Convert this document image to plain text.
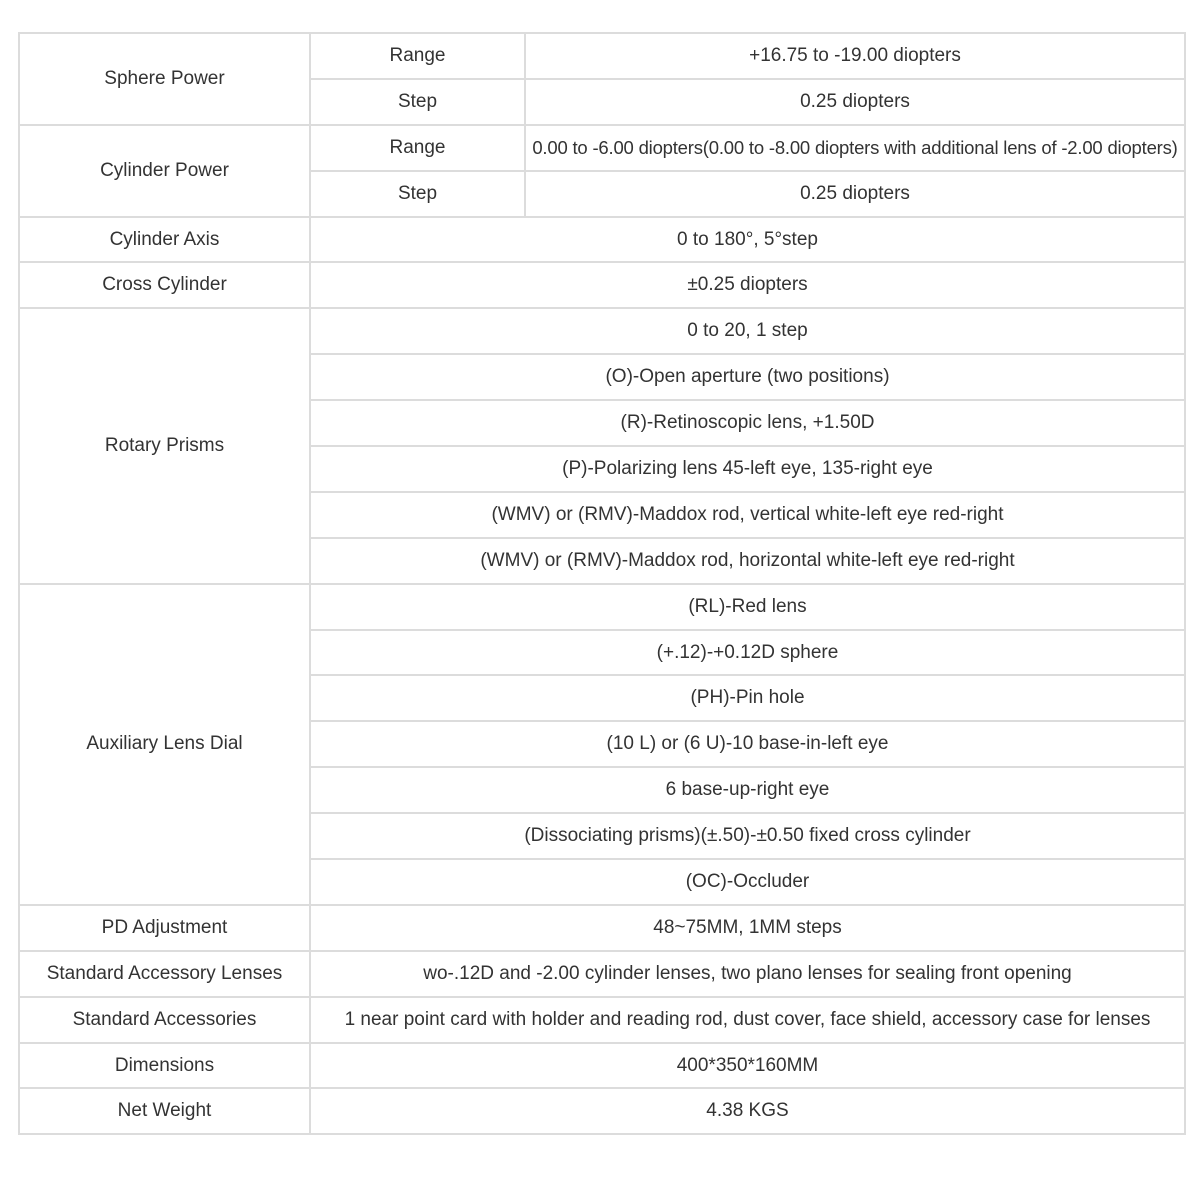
Sphere Power	Range	+16.75 to -19.00 diopters
	Step	0.25 diopters
Cylinder Power	Range	0.00 to -6.00 diopters(0.00 to -8.00 diopters with additional lens of -2.00 diopters)
	Step	0.25 diopters
Cylinder Axis	0 to 180°, 5°step	
Cross Cylinder	±0.25 diopters	
Rotary Prisms	0 to 20, 1 step	
	(O)-Open aperture (two positions)	
	(R)-Retinoscopic lens, +1.50D	
	(P)-Polarizing lens 45-left eye, 135-right eye	
	(WMV) or (RMV)-Maddox rod, vertical white-left eye red-right	
	(WMV) or (RMV)-Maddox rod, horizontal white-left eye red-right	
Auxiliary Lens Dial	(RL)-Red lens	
	(+.12)-+0.12D sphere	
	(PH)-Pin hole	
	(10 L) or (6 U)-10 base-in-left eye	
	6 base-up-right eye	
	(Dissociating prisms)(±.50)-±0.50 fixed cross cylinder	
	(OC)-Occluder	
PD Adjustment	48~75MM, 1MM steps	
Standard Accessory Lenses	wo-.12D and -2.00 cylinder lenses, two plano lenses for sealing front opening	
Standard Accessories	1 near point card with holder and reading rod, dust cover, face shield, accessory case for lenses	
Dimensions	400*350*160MM	
Net Weight	4.38 KGS	
